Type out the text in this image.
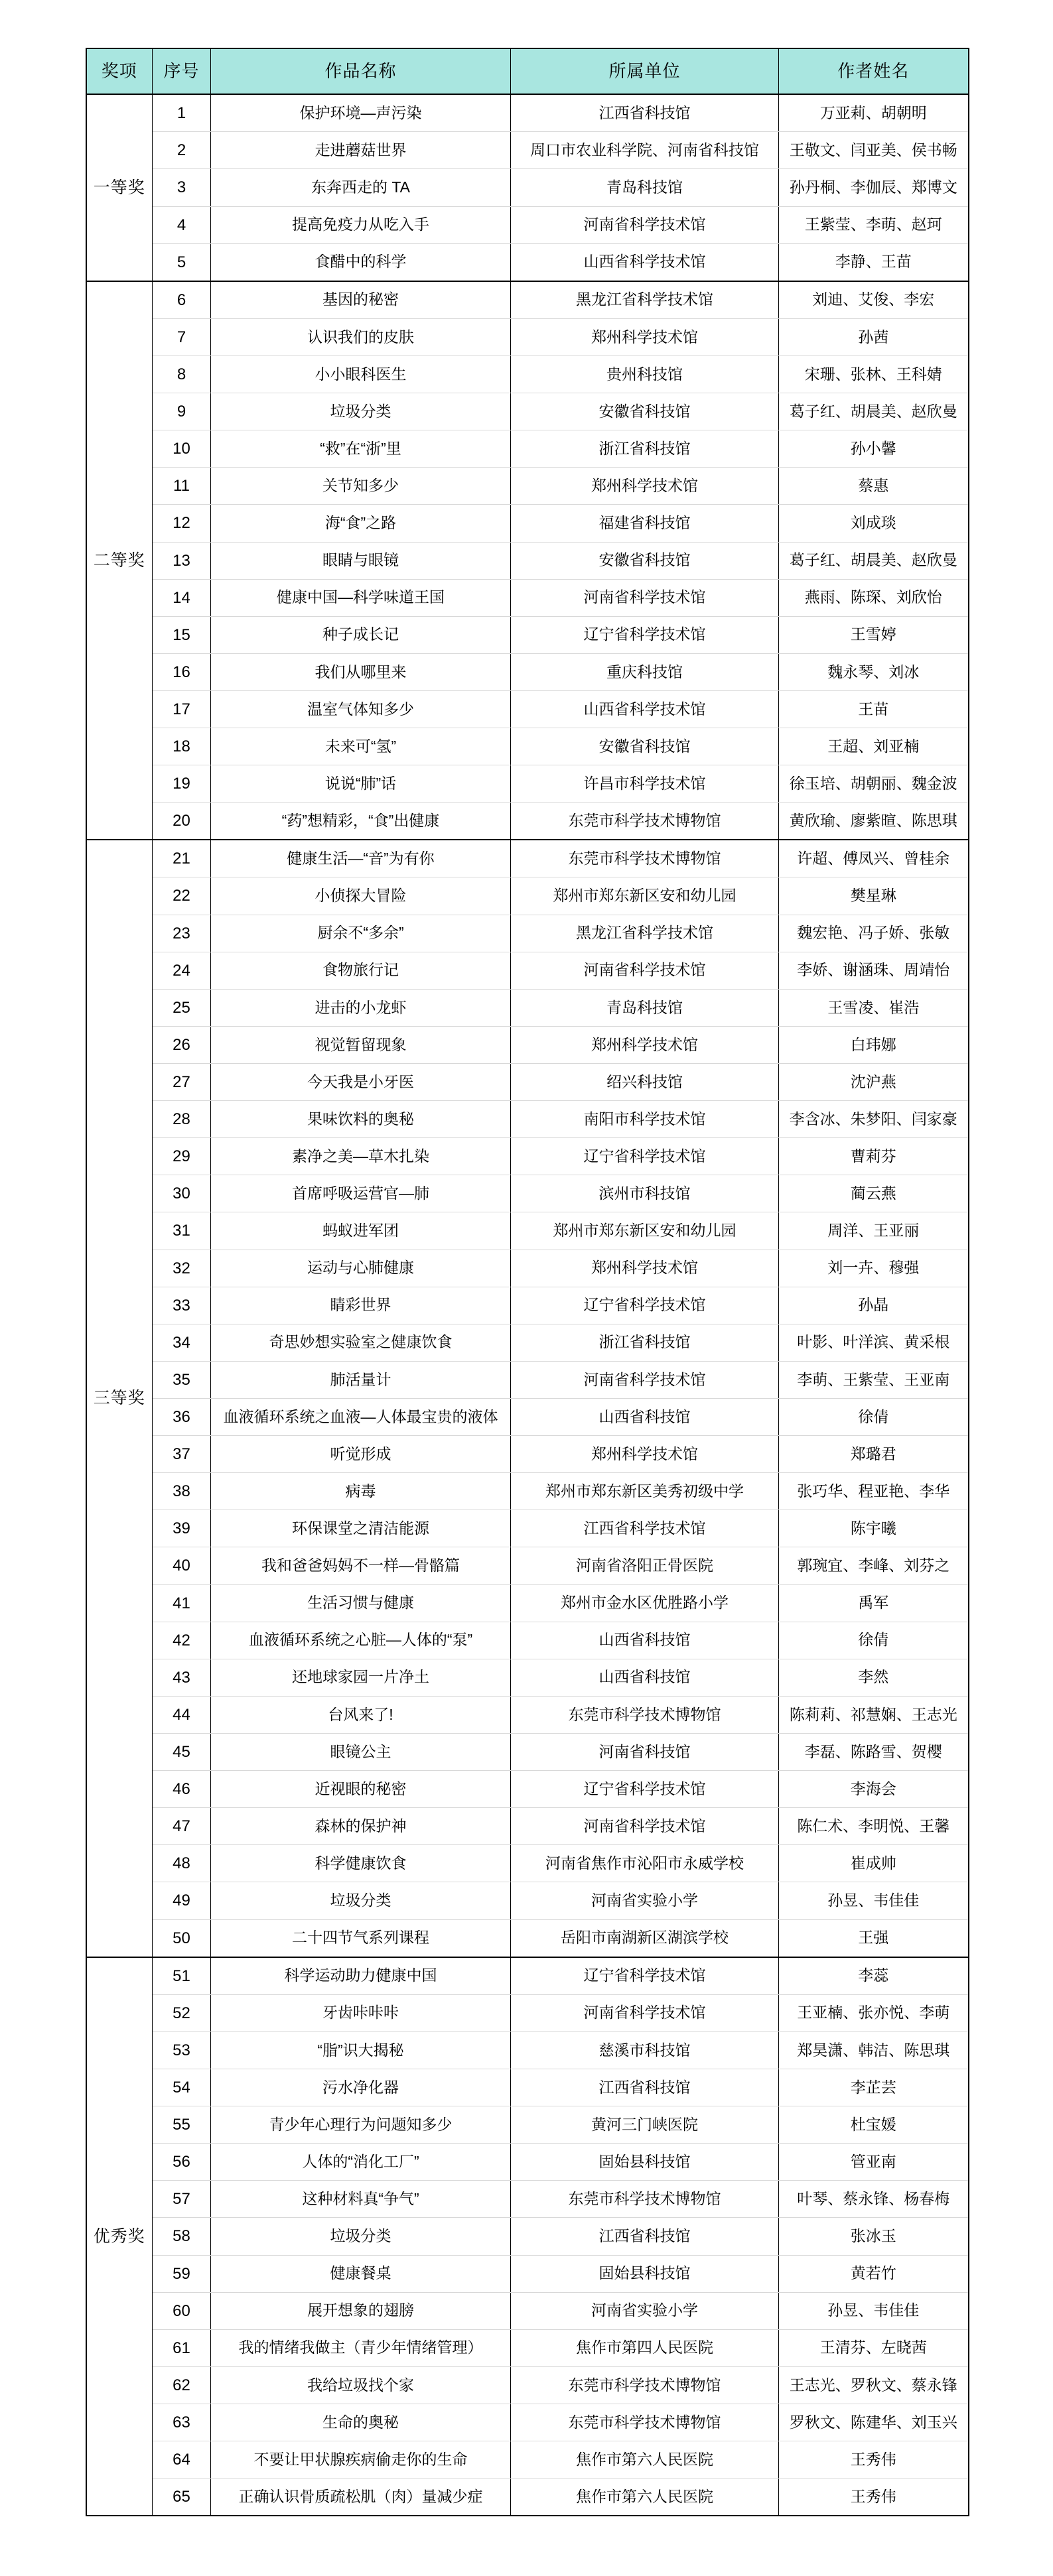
奖项	序号	作品名称	所属单位	作者姓名
一等奖	1	保护环境—声污染	江西省科技馆	万亚莉、胡朝明
	2	走进蘑菇世界	周口市农业科学院、河南省科技馆	王敬文、闫亚美、侯书畅
	3	东奔西走的 TA	青岛科技馆	孙丹桐、李伽辰、郑博文
	4	提高免疫力从吃入手	河南省科学技术馆	王紫莹、李萌、赵珂
	5	食醋中的科学	山西省科学技术馆	李静、王苗
二等奖	6	基因的秘密	黑龙江省科学技术馆	刘迪、艾俊、李宏
	7	认识我们的皮肤	郑州科学技术馆	孙茜
	8	小小眼科医生	贵州科技馆	宋珊、张林、王科婧
	9	垃圾分类	安徽省科技馆	葛子红、胡晨美、赵欣曼
	10	“救”在“浙”里	浙江省科技馆	孙小馨
	11	关节知多少	郑州科学技术馆	蔡惠
	12	海“食”之路	福建省科技馆	刘成琰
	13	眼睛与眼镜	安徽省科技馆	葛子红、胡晨美、赵欣曼
	14	健康中国—科学味道王国	河南省科学技术馆	燕雨、陈琛、刘欣怡
	15	种子成长记	辽宁省科学技术馆	王雪婷
	16	我们从哪里来	重庆科技馆	魏永琴、刘冰
	17	温室气体知多少	山西省科学技术馆	王苗
	18	未来可“氢”	安徽省科技馆	王超、刘亚楠
	19	说说“肺”话	许昌市科学技术馆	徐玉培、胡朝丽、魏金波
	20	“药”想精彩，“食”出健康	东莞市科学技术博物馆	黄欣瑜、廖紫暄、陈思琪
三等奖	21	健康生活—“音”为有你	东莞市科学技术博物馆	许超、傅凤兴、曾桂余
	22	小侦探大冒险	郑州市郑东新区安和幼儿园	樊星琳
	23	厨余不“多余”	黑龙江省科学技术馆	魏宏艳、冯子娇、张敏
	24	食物旅行记	河南省科学技术馆	李娇、谢涵珠、周靖怡
	25	进击的小龙虾	青岛科技馆	王雪凌、崔浩
	26	视觉暂留现象	郑州科学技术馆	白玮娜
	27	今天我是小牙医	绍兴科技馆	沈沪燕
	28	果味饮料的奥秘	南阳市科学技术馆	李含冰、朱梦阳、闫家豪
	29	素净之美—草木扎染	辽宁省科学技术馆	曹莉芬
	30	首席呼吸运营官—肺	滨州市科技馆	蔺云燕
	31	蚂蚁进军团	郑州市郑东新区安和幼儿园	周洋、王亚丽
	32	运动与心肺健康	郑州科学技术馆	刘一卉、穆强
	33	睛彩世界	辽宁省科学技术馆	孙晶
	34	奇思妙想实验室之健康饮食	浙江省科技馆	叶影、叶洋滨、黄采根
	35	肺活量计	河南省科学技术馆	李萌、王紫莹、王亚南
	36	血液循环系统之血液—人体最宝贵的液体	山西省科技馆	徐倩
	37	听觉形成	郑州科学技术馆	郑璐君
	38	病毒	郑州市郑东新区美秀初级中学	张巧华、程亚艳、李华
	39	环保课堂之清洁能源	江西省科学技术馆	陈宇曦
	40	我和爸爸妈妈不一样—骨骼篇	河南省洛阳正骨医院	郭琬宜、李峰、刘芬之
	41	生活习惯与健康	郑州市金水区优胜路小学	禹军
	42	血液循环系统之心脏—人体的“泵”	山西省科技馆	徐倩
	43	还地球家园一片净土	山西省科技馆	李然
	44	台风来了!	东莞市科学技术博物馆	陈莉莉、祁慧娴、王志光
	45	眼镜公主	河南省科技馆	李磊、陈路雪、贺樱
	46	近视眼的秘密	辽宁省科学技术馆	李海会
	47	森林的保护神	河南省科学技术馆	陈仁术、李明悦、王馨
	48	科学健康饮食	河南省焦作市沁阳市永威学校	崔成帅
	49	垃圾分类	河南省实验小学	孙昱、韦佳佳
	50	二十四节气系列课程	岳阳市南湖新区湖滨学校	王强
优秀奖	51	科学运动助力健康中国	辽宁省科学技术馆	李蕊
	52	牙齿咔咔咔	河南省科学技术馆	王亚楠、张亦悦、李萌
	53	“脂”识大揭秘	慈溪市科技馆	郑昊潇、韩洁、陈思琪
	54	污水净化器	江西省科技馆	李芷芸
	55	青少年心理行为问题知多少	黄河三门峡医院	杜宝媛
	56	人体的“消化工厂”	固始县科技馆	管亚南
	57	这种材料真“争气”	东莞市科学技术博物馆	叶琴、蔡永锋、杨春梅
	58	垃圾分类	江西省科技馆	张冰玉
	59	健康餐桌	固始县科技馆	黄若竹
	60	展开想象的翅膀	河南省实验小学	孙昱、韦佳佳
	61	我的情绪我做主（青少年情绪管理）	焦作市第四人民医院	王清芬、左晓茜
	62	我给垃圾找个家	东莞市科学技术博物馆	王志光、罗秋文、蔡永锋
	63	生命的奥秘	东莞市科学技术博物馆	罗秋文、陈建华、刘玉兴
	64	不要让甲状腺疾病偷走你的生命	焦作市第六人民医院	王秀伟
	65	正确认识骨质疏松肌（肉）量减少症	焦作市第六人民医院	王秀伟
